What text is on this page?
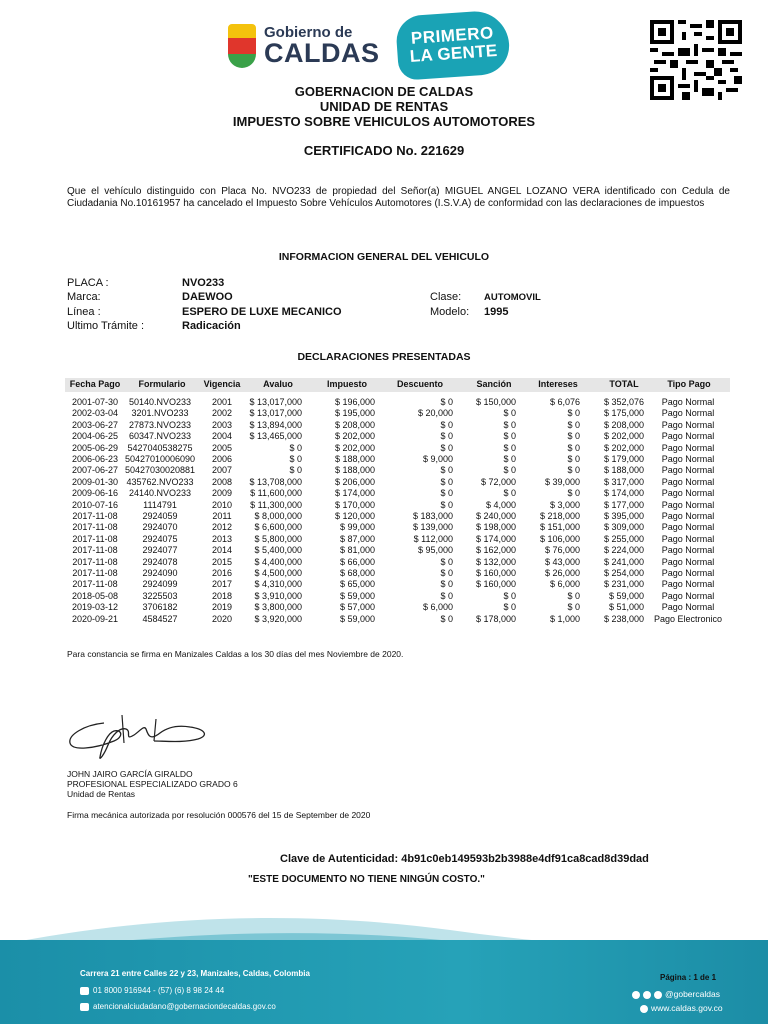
Gobierno de
CALDAS
PRIMERO
LA GENTE
GOBERNACION DE CALDAS
UNIDAD DE RENTAS
IMPUESTO SOBRE VEHICULOS AUTOMOTORES
CERTIFICADO No. 221629
Que el vehículo distinguido con Placa No. NVO233 de propiedad del Señor(a) MIGUEL ANGEL LOZANO VERA identificado con Cedula de Ciudadania No.10161957 ha cancelado el Impuesto Sobre Vehículos Automotores (I.S.V.A) de conformidad con las declaraciones de impuestos
INFORMACION GENERAL DEL VEHICULO
PLACA :	NVO233
Marca:	DAEWOO
Línea :	ESPERO DE LUXE MECANICO
Ultimo Trámite :	Radicación
Clase: AUTOMOVIL
Modelo: 1995
DECLARACIONES PRESENTADAS
Fecha Pago	Formulario	Vigencia	Avaluo	Impuesto	Descuento	Sanción	Intereses	TOTAL	Tipo Pago
2001-07-30	50140.NVO233	2001	$ 13,017,000	$ 196,000	$ 0	$ 150,000	$ 6,076	$ 352,076	Pago Normal
2002-03-04	3201.NVO233	2002	$ 13,017,000	$ 195,000	$ 20,000	$ 0	$ 0	$ 175,000	Pago Normal
2003-06-27	27873.NVO233	2003	$ 13,894,000	$ 208,000	$ 0	$ 0	$ 0	$ 208,000	Pago Normal
2004-06-25	60347.NVO233	2004	$ 13,465,000	$ 202,000	$ 0	$ 0	$ 0	$ 202,000	Pago Normal
2005-06-29	5427040538275	2005	$ 0	$ 202,000	$ 0	$ 0	$ 0	$ 202,000	Pago Normal
2006-06-23 50427010006090	2006	$ 0	$ 188,000	$ 9,000	$ 0	$ 0	$ 179,000	Pago Normal
2007-06-27 50427030020881	2007	$ 0	$ 188,000	$ 0	$ 0	$ 0	$ 188,000	Pago Normal
2009-01-30 435762.NVO233	2008	$ 13,708,000	$ 206,000	$ 0	$ 72,000	$ 39,000	$ 317,000	Pago Normal
2009-06-16	24140.NVO233	2009	$ 11,600,000	$ 174,000	$ 0	$ 0	$ 0	$ 174,000	Pago Normal
2010-07-16	1114791	2010	$ 11,300,000	$ 170,000	$ 0	$ 4,000	$ 3,000	$ 177,000	Pago Normal
2017-11-08	2924059	2011	$ 8,000,000	$ 120,000	$ 183,000	$ 240,000	$ 218,000	$ 395,000	Pago Normal
2017-11-08	2924070	2012	$ 6,600,000	$ 99,000	$ 139,000	$ 198,000	$ 151,000	$ 309,000	Pago Normal
2017-11-08	2924075	2013	$ 5,800,000	$ 87,000	$ 112,000	$ 174,000	$ 106,000	$ 255,000	Pago Normal
2017-11-08	2924077	2014	$ 5,400,000	$ 81,000	$ 95,000	$ 162,000	$ 76,000	$ 224,000	Pago Normal
2017-11-08	2924078	2015	$ 4,400,000	$ 66,000	$ 0	$ 132,000	$ 43,000	$ 241,000	Pago Normal
2017-11-08	2924090	2016	$ 4,500,000	$ 68,000	$ 0	$ 160,000	$ 26,000	$ 254,000	Pago Normal
2017-11-08	2924099	2017	$ 4,310,000	$ 65,000	$ 0	$ 160,000	$ 6,000	$ 231,000	Pago Normal
2018-05-08	3225503	2018	$ 3,910,000	$ 59,000	$ 0	$ 0	$ 0	$ 59,000	Pago Normal
2019-03-12	3706182	2019	$ 3,800,000	$ 57,000	$ 6,000	$ 0	$ 0	$ 51,000	Pago Normal
2020-09-21	4584527	2020	$ 3,920,000	$ 59,000	$ 0	$ 178,000	$ 1,000	$ 238,000	Pago Electronico
Para constancia se firma en Manizales Caldas a los 30 días del mes Noviembre de 2020.
JOHN JAIRO GARCÍA GIRALDO
PROFESIONAL ESPECIALIZADO GRADO 6
Unidad de Rentas
Firma mecánica autorizada por resolución 000576 del 15 de September de 2020
Clave de Autenticidad: 4b91c0eb149593b2b3988e4df91ca8cad8d39dad
"ESTE DOCUMENTO NO TIENE NINGÚN COSTO."
Carrera 21 entre Calles 22 y 23, Manizales, Caldas, Colombia
01 8000 916944 - (57) (6) 8 98 24 44
atencionalciudadano@gobernaciondecaldas.gov.co
Página : 1 de 1
@gobercaldas
www.caldas.gov.co
